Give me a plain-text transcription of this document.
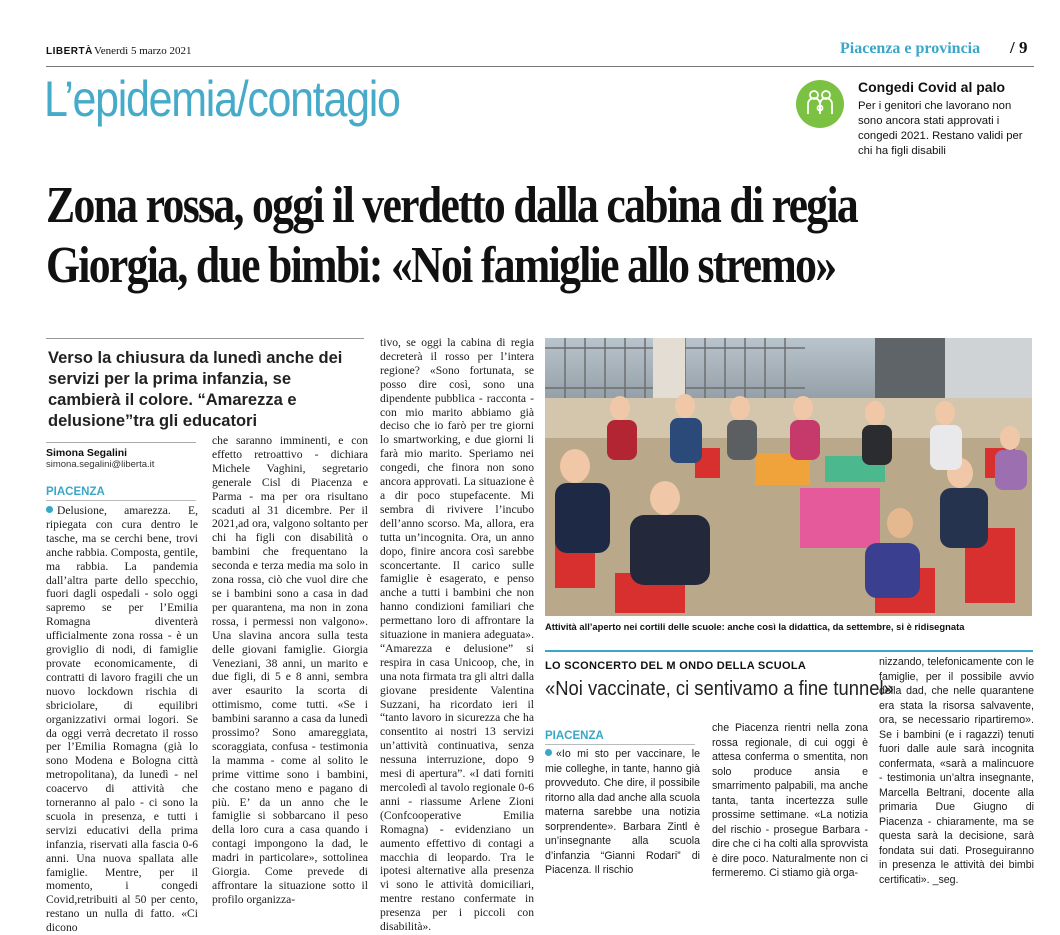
LIBERTÀ Venerdì 5 marzo 2021	Piacenza e provincia / 9
L’epidemia/contagio	Congedi Covid al palo
Per i genitori che lavorano non sono ancora stati approvati i congedi 2021. Restano validi per chi ha figli disabili
Zona rossa, oggi il verdetto dalla cabina di regia
Giorgia, due bimbi: «Noi famiglie allo stremo»
Verso la chiusura da lunedì anche dei servizi per la prima infanzia, se cambierà il colore. “Amarezza e delusione”tra gli educatori
Simona Segalini
simona.segalini@liberta.it
PIACENZA
Delusione, amarezza. E, ripiegata con cura dentro le tasche, ma se cerchi bene, trovi anche rabbia. Composta, gentile, ma rabbia. La pandemia dall’altra parte dello specchio, fuori dagli ospedali - solo oggi sapremo se per l’Emilia Romagna diventerà ufficialmente zona rossa - è un groviglio di nodi, di famiglie provate economicamente, di contratti di lavoro fragili che un nuovo lockdown rischia di sbriciolare, di equilibri organizzativi ormai logori. Se da oggi verrà decretato il rosso per l’Emilia Romagna (già lo sono Modena e Bologna città metropolitana), da lunedì - nel coacervo di attività che torneranno al palo - ci sono la scuola in presenza, e tutti i servizi educativi della prima infanzia, riservati alla fascia 0-6 anni. Una nuova spallata alle famiglie. Mentre, per il momento, i congedi Covid,retribuiti al 50 per cento, restano un nulla di fatto. «Ci dicono
che saranno imminenti, e con effetto retroattivo - dichiara Michele Vaghini, segretario generale Cisl di Piacenza e Parma - ma per ora risultano scaduti al 31 dicembre. Per il 2021,ad ora, valgono soltanto per chi ha figli con disabilità o bambini che frequentano la seconda e terza media ma solo in zona rossa, ciò che vuol dire che se i bambini sono a casa in dad per quarantena, ma non in zona rossa, i permessi non valgono». Una slavina ancora sulla testa delle giovani famiglie. Giorgia Veneziani, 38 anni, un marito e due figli, di 5 e 8 anni, sembra aver esaurito la scorta di ottimismo, come tutti. «Se i bambini saranno a casa da lunedì prossimo? Sono amareggiata, scoraggiata, confusa - testimonia la mamma - come al solito le prime vittime sono i bambini, che costano meno e pagano di più. E’ da un anno che le famiglie si sobbarcano il peso della loro cura a casa quando i contagi impongono la dad, le madri in particolare», sottolinea Giorgia. Come prevede di affrontare la situazione sotto il profilo organizza-
tivo, se oggi la cabina di regia decreterà il rosso per l’intera regione? «Sono fortunata, se posso dire così, sono una dipendente pubblica - racconta - con mio marito abbiamo già deciso che io farò per tre giorni lo smartworking, e due giorni li farà mio marito. Speriamo nei congedi, che finora non sono ancora approvati. La situazione è a dir poco stupefacente. Mi sembra di rivivere l’incubo dell’anno scorso. Ma, allora, era tutta un’incognita. Ora, un anno dopo, finire ancora così sarebbe sconcertante. Il carico sulle famiglie è esagerato, e penso anche a tutti i bambini che non hanno condizioni familiari che permettano loro di affrontare la situazione in maniera adeguata». “Amarezza e delusione” si respira in casa Unicoop, che, in una nota firmata tra gli altri dalla giovane presidente Valentina Suzzani, ha ricordato ieri il “tanto lavoro in sicurezza che ha consentito ai nostri 13 servizi un’attività continuativa, senza nessuna interruzione, dopo 9 mesi di apertura”. «I dati forniti mercoledì al tavolo regionale 0-6 anni - riassume Arlene Zioni (Confcooperative Emilia Romagna) - evidenziano un aumento effettivo di contagi a macchia di leopardo. Tra le ipotesi alternative alla presenza vi sono le attività domiciliari, mentre restano confermate in presenza per i piccoli con disabilità».
Attività all’aperto nei cortili delle scuole: anche così la didattica, da settembre, si è ridisegnata
LO SCONCERTO DEL M ONDO DELLA SCUOLA
«Noi vaccinate, ci sentivamo a fine tunnel»
PIACENZA
«Io mi sto per vaccinare, le mie colleghe, in tante, hanno già provveduto. Che dire, il possibile ritorno alla dad anche alla scuola materna sarebbe una notizia sorprendente». Barbara Zintl è un’insegnante alla scuola d’infanzia “Gianni Rodari” di Piacenza. Il rischio
che Piacenza rientri nella zona rossa regionale, di cui oggi è attesa conferma o smentita, non solo produce ansia e smarrimento palpabili, ma anche tanta, tanta incertezza sulle prossime settimane. «La notizia del rischio - prosegue Barbara - dire che ci ha colti alla sprovvista è dire poco. Naturalmente non ci fermeremo. Ci stiamo già orga-
nizzando, telefonicamente con le famiglie, per il possibile avvio della dad, che nelle quarantene era stata la risorsa salvavente, ora, se necessario ripartiremo». Se i bambini (e i ragazzi) tenuti fuori dalle aule sarà incognita confermata, «sarà a malincuore - testimonia un’altra insegnante, Marcella Beltrani, docente alla primaria Due Giugno di Piacenza - chiaramente, ma se questa sarà la decisione, sarà fondata sui dati. Proseguiranno in presenza le attività dei bimbi certificati». _seg.
